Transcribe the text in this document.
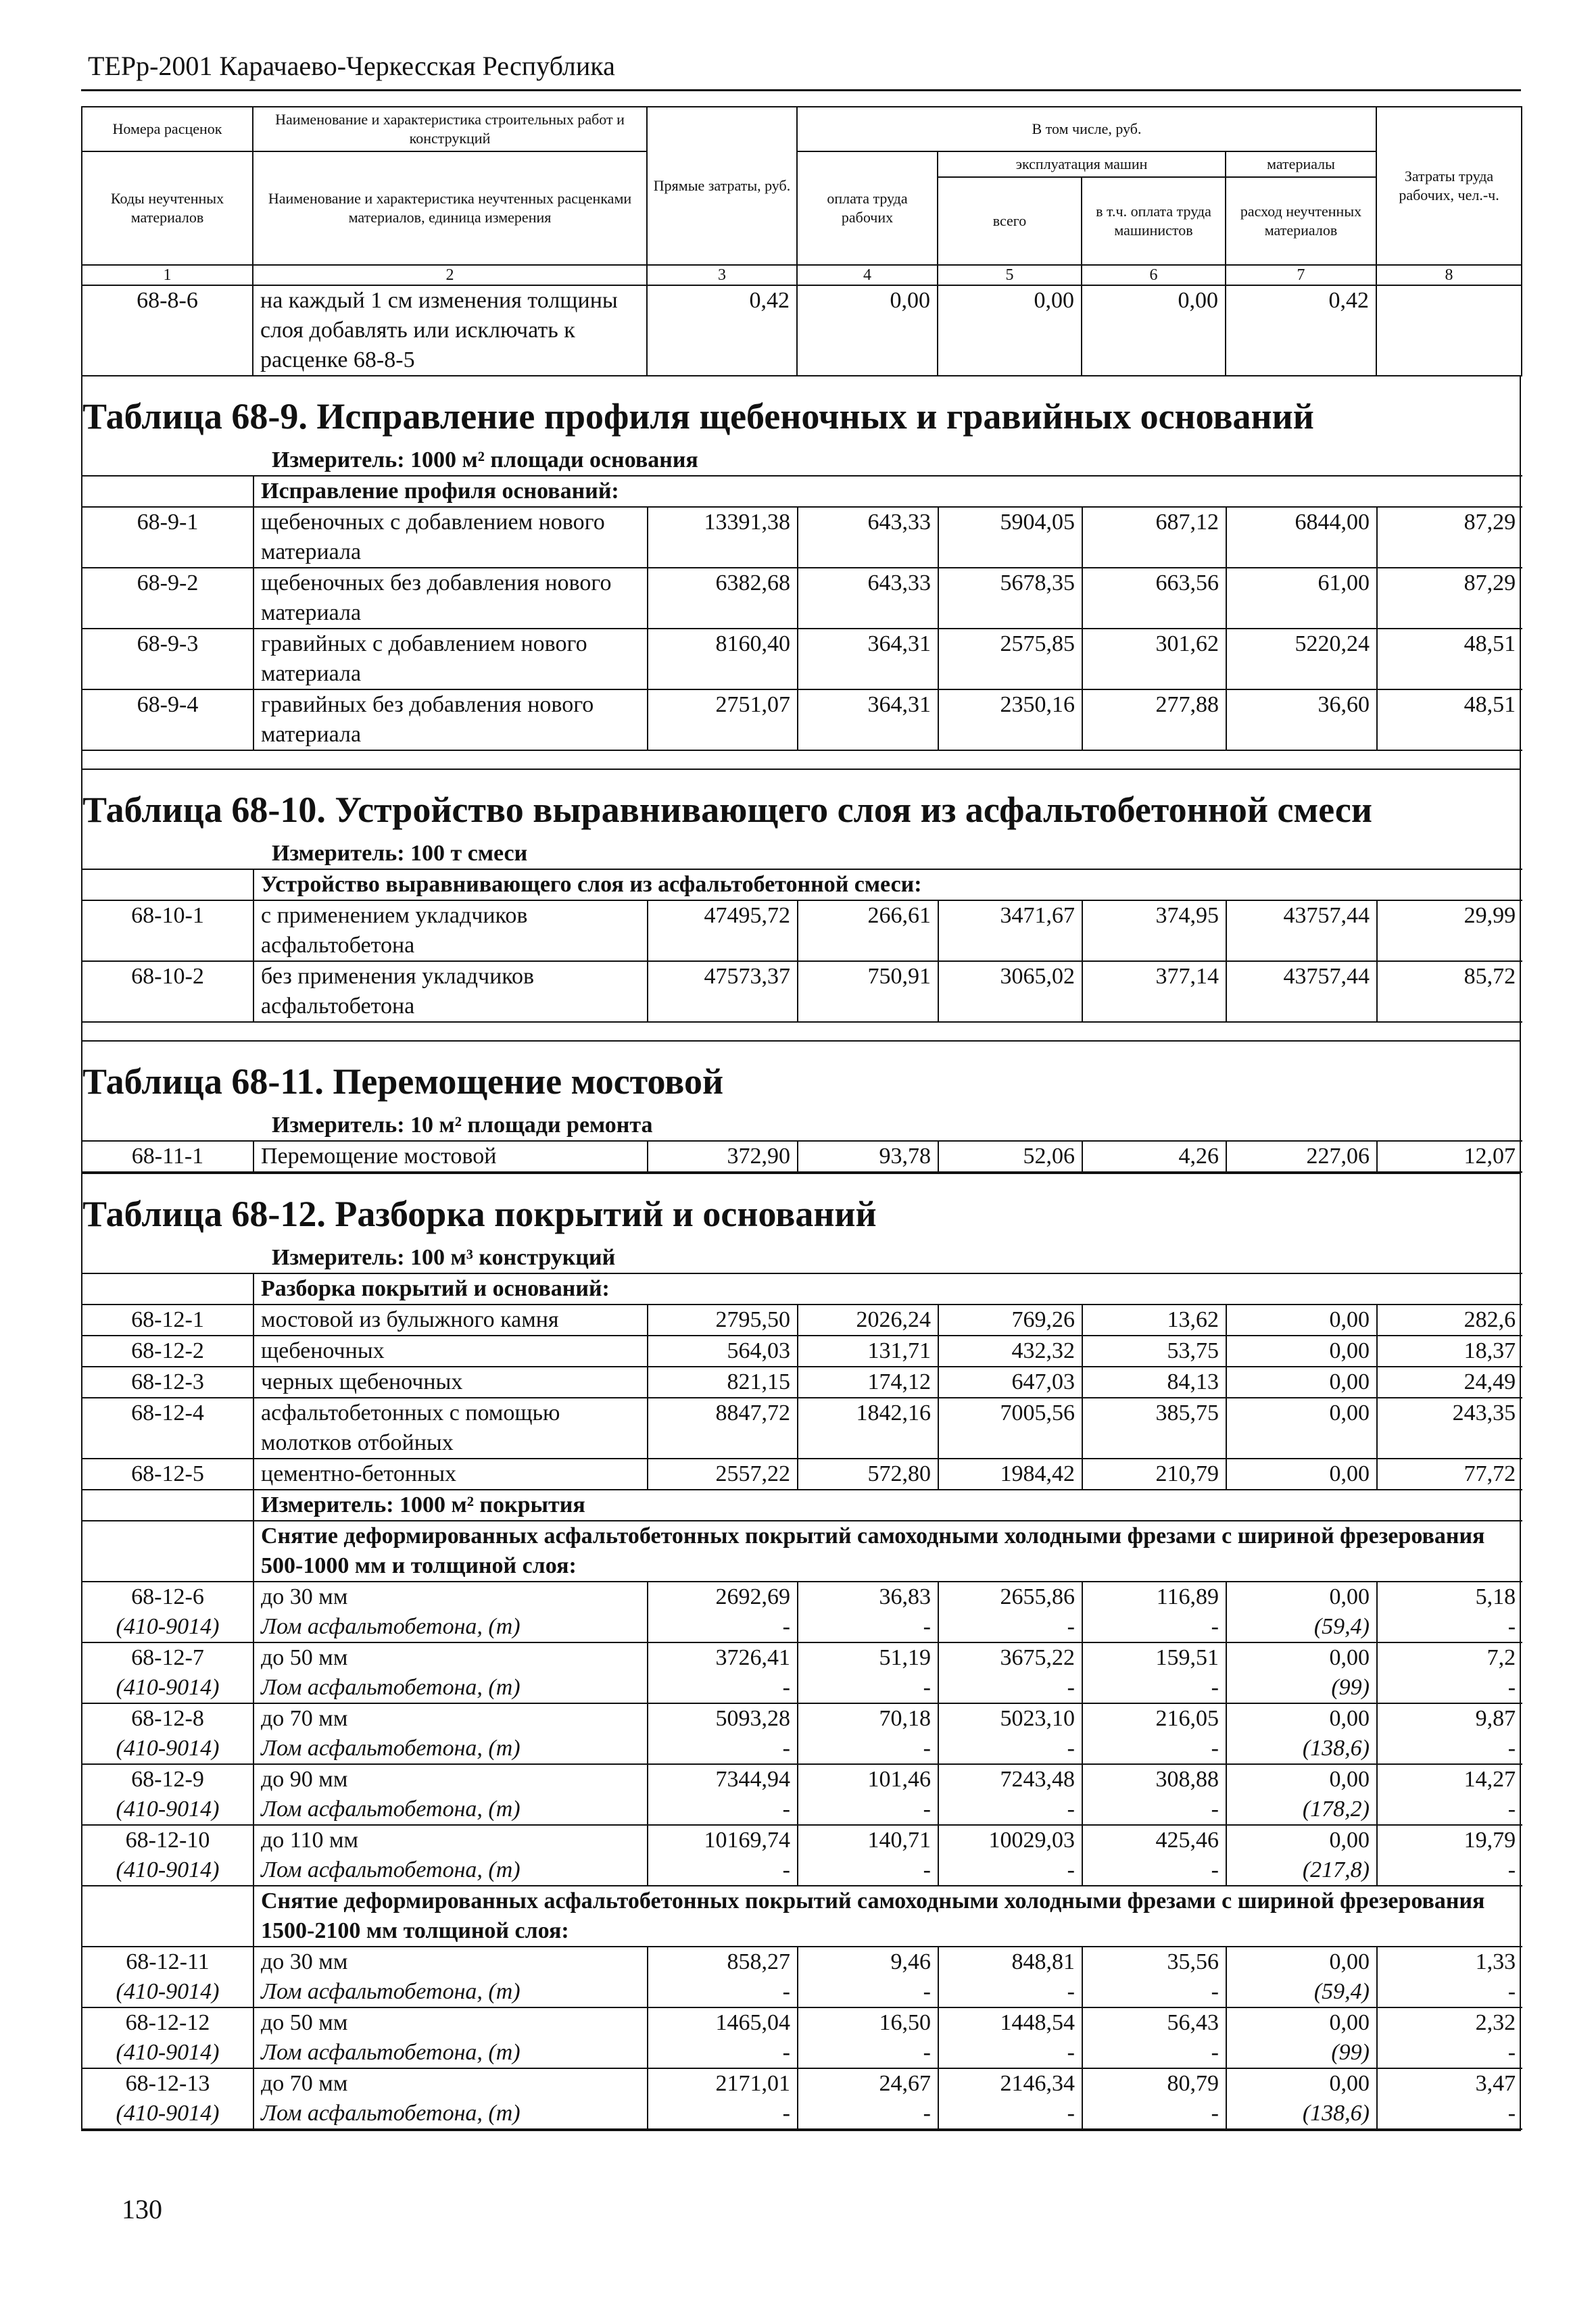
ТЕРр-2001 Карачаево-Черкесская Республика
Номера расценок	Наименование и характеристика строительных работ и конструкций	Прямые затраты, руб.	В том числе, руб.				Затраты труда рабочих, чел.-ч.
Коды неучтенных материалов	Наименование и характеристика неучтенных расценками материалов, единица измерения		оплата труда рабочих	эксплуатация машин		материалы	
				всего	в т.ч. оплата труда машинистов	расход неучтенных материалов	
1	2	3	4	5	6	7	8
68-8-6	на каждый 1 см изменения толщины слоя добавлять или исключать к расценке 68-8-5	0,42	0,00	0,00	0,00	0,42	
Таблица 68-9. Исправление профиля щебеночных и гравийных оснований
Измеритель: 1000 м² площади основания
	Исправление профиля оснований:						
68-9-1	щебеночных с добавлением нового материала	13391,38	643,33	5904,05	687,12	6844,00	87,29
68-9-2	щебеночных без добавления нового материала	6382,68	643,33	5678,35	663,56	61,00	87,29
68-9-3	гравийных с добавлением нового материала	8160,40	364,31	2575,85	301,62	5220,24	48,51
68-9-4	гравийных без добавления нового материала	2751,07	364,31	2350,16	277,88	36,60	48,51
Таблица 68-10. Устройство выравнивающего слоя из асфальтобетонной смеси
Измеритель: 100 т смеси
	Устройство выравнивающего слоя из асфальтобетонной смеси:						
68-10-1	с применением укладчиков асфальтобетона	47495,72	266,61	3471,67	374,95	43757,44	29,99
68-10-2	без применения укладчиков асфальтобетона	47573,37	750,91	3065,02	377,14	43757,44	85,72
Таблица 68-11. Перемощение мостовой
Измеритель: 10 м² площади ремонта
68-11-1	Перемощение мостовой	372,90	93,78	52,06	4,26	227,06	12,07
Таблица 68-12. Разборка покрытий и оснований
Измеритель: 100 м³ конструкций
	Разборка покрытий и оснований:						
68-12-1	мостовой из булыжного камня	2795,50	2026,24	769,26	13,62	0,00	282,6
68-12-2	щебеночных	564,03	131,71	432,32	53,75	0,00	18,37
68-12-3	черных щебеночных	821,15	174,12	647,03	84,13	0,00	24,49
68-12-4	асфальтобетонных с помощью молотков отбойных	8847,72	1842,16	7005,56	385,75	0,00	243,35
68-12-5	цементно-бетонных	2557,22	572,80	1984,42	210,79	0,00	77,72
	Измеритель: 1000 м² покрытия						
	Снятие деформированных асфальтобетонных покрытий самоходными холодными фрезами с шириной фрезерования 500-1000 мм и толщиной слоя:						
68-12-6	до 30 мм	2692,69	36,83	2655,86	116,89	0,00	5,18
(410-9014)	Лом асфальтобетона, (т)	-	-	-	-	(59,4)	-
68-12-7	до 50 мм	3726,41	51,19	3675,22	159,51	0,00	7,2
(410-9014)	Лом асфальтобетона, (т)	-	-	-	-	(99)	-
68-12-8	до 70 мм	5093,28	70,18	5023,10	216,05	0,00	9,87
(410-9014)	Лом асфальтобетона, (т)	-	-	-	-	(138,6)	-
68-12-9	до 90 мм	7344,94	101,46	7243,48	308,88	0,00	14,27
(410-9014)	Лом асфальтобетона, (т)	-	-	-	-	(178,2)	-
68-12-10	до 110 мм	10169,74	140,71	10029,03	425,46	0,00	19,79
(410-9014)	Лом асфальтобетона, (т)	-	-	-	-	(217,8)	-
	Снятие деформированных асфальтобетонных покрытий самоходными холодными фрезами с шириной фрезерования 1500-2100 мм толщиной слоя:						
68-12-11	до 30 мм	858,27	9,46	848,81	35,56	0,00	1,33
(410-9014)	Лом асфальтобетона, (т)	-	-	-	-	(59,4)	-
68-12-12	до 50 мм	1465,04	16,50	1448,54	56,43	0,00	2,32
(410-9014)	Лом асфальтобетона, (т)	-	-	-	-	(99)	-
68-12-13	до 70 мм	2171,01	24,67	2146,34	80,79	0,00	3,47
(410-9014)	Лом асфальтобетона, (т)	-	-	-	-	(138,6)	-
130
